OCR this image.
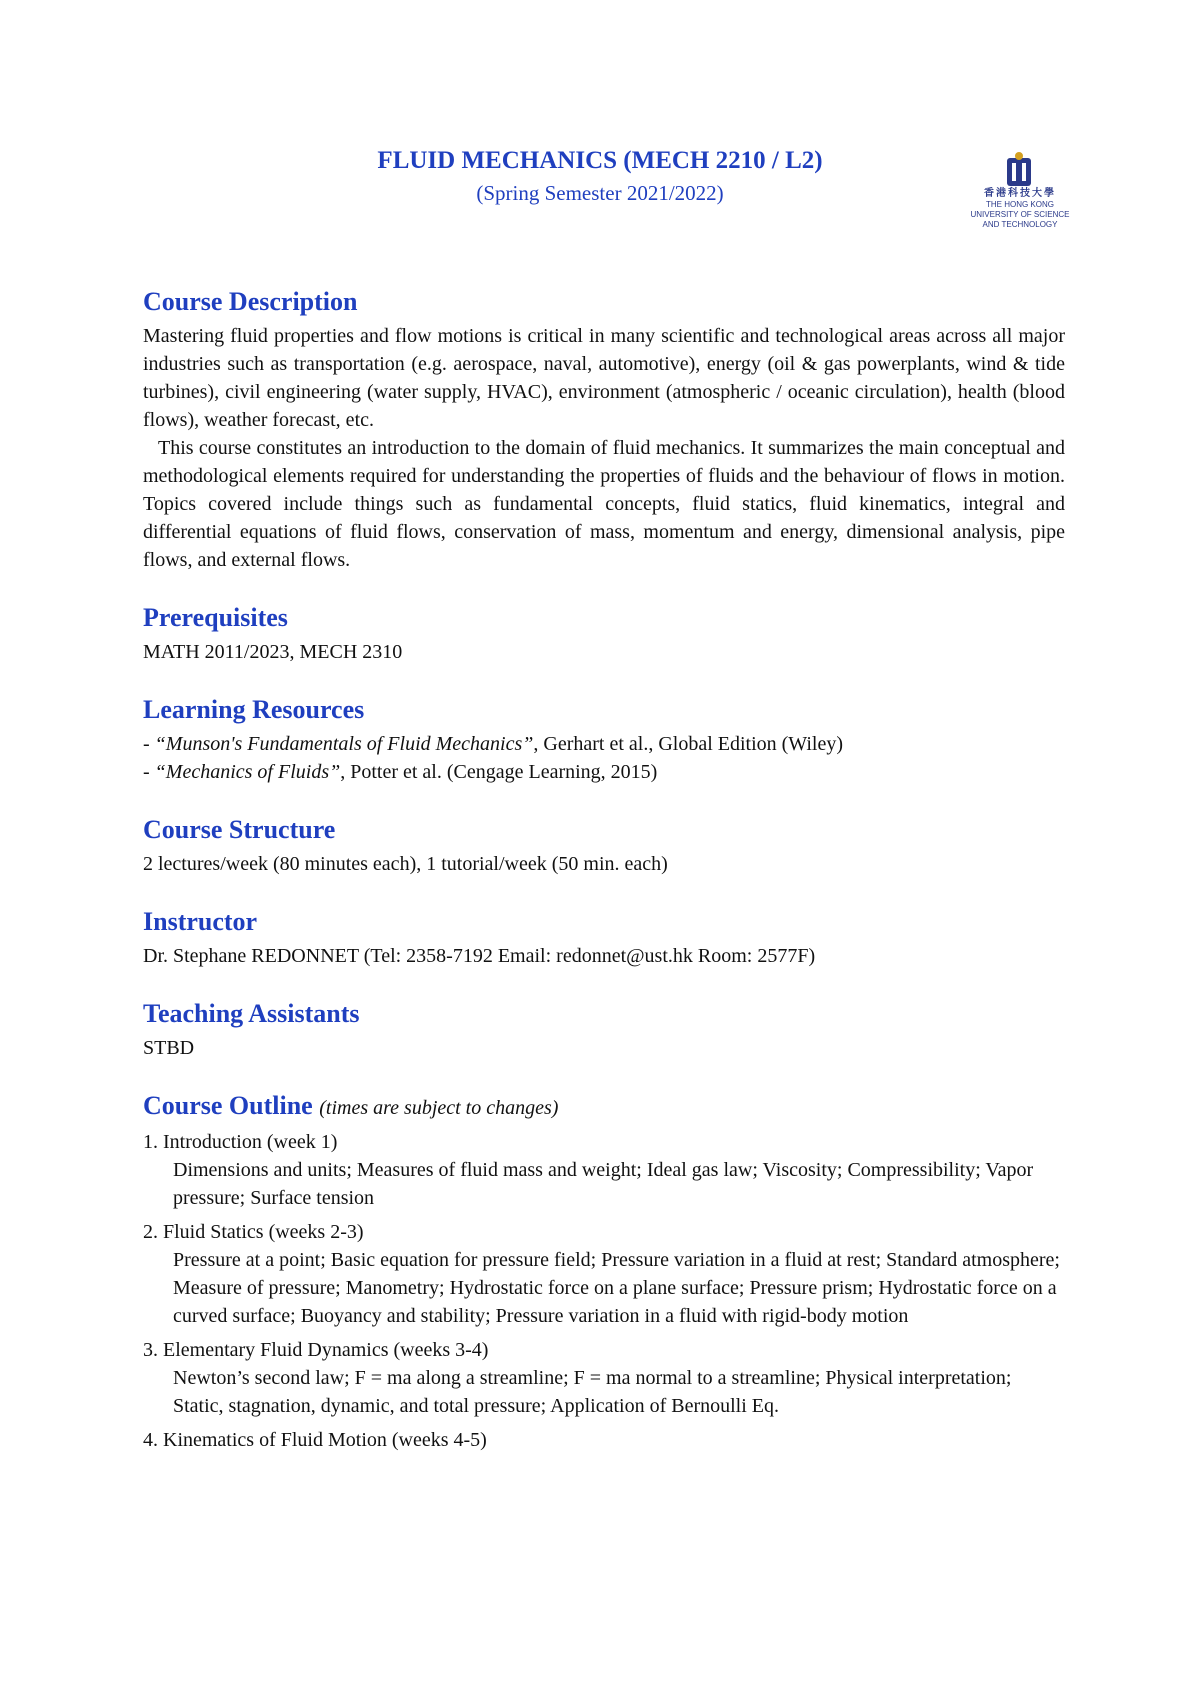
FLUID MECHANICS (MECH 2210 / L2)
(Spring Semester 2021/2022)	香港科技大學
THE HONG KONG
UNIVERSITY OF SCIENCE
AND TECHNOLOGY
Course Description

Mastering fluid properties and flow motions is critical in many scientific and technological areas across all major industries such as transportation (e.g. aerospace, naval, automotive), energy (oil & gas powerplants, wind & tide turbines), civil engineering (water supply, HVAC), environment (atmospheric / oceanic circulation), health (blood flows), weather forecast, etc.

This course constitutes an introduction to the domain of fluid mechanics. It summarizes the main conceptual and methodological elements required for understanding the properties of fluids and the behaviour of flows in motion. Topics covered include things such as fundamental concepts, fluid statics, fluid kinematics, integral and differential equations of fluid flows, conservation of mass, momentum and energy, dimensional analysis, pipe flows, and external flows.

Prerequisites

MATH 2011/2023, MECH 2310

Learning Resources

- “Munson's Fundamentals of Fluid Mechanics”, Gerhart et al., Global Edition (Wiley)

- “Mechanics of Fluids”, Potter et al. (Cengage Learning, 2015)

Course Structure

2 lectures/week (80 minutes each), 1 tutorial/week (50 min. each)

Instructor

Dr. Stephane REDONNET (Tel: 2358-7192 Email: redonnet@ust.hk Room: 2577F)

Teaching Assistants

STBD

Course Outline (times are subject to changes)

1. Introduction (week 1)

Dimensions and units; Measures of fluid mass and weight; Ideal gas law; Viscosity; Compressibility; Vapor pressure; Surface tension

2. Fluid Statics (weeks 2-3)

Pressure at a point; Basic equation for pressure field; Pressure variation in a fluid at rest; Standard atmosphere; Measure of pressure; Manometry; Hydrostatic force on a plane surface; Pressure prism; Hydrostatic force on a curved surface; Buoyancy and stability; Pressure variation in a fluid with rigid-body motion

3. Elementary Fluid Dynamics (weeks 3-4)

Newton’s second law; F = ma along a streamline; F = ma normal to a streamline; Physical interpretation; Static, stagnation, dynamic, and total pressure; Application of Bernoulli Eq.

4. Kinematics of Fluid Motion (weeks 4-5)
